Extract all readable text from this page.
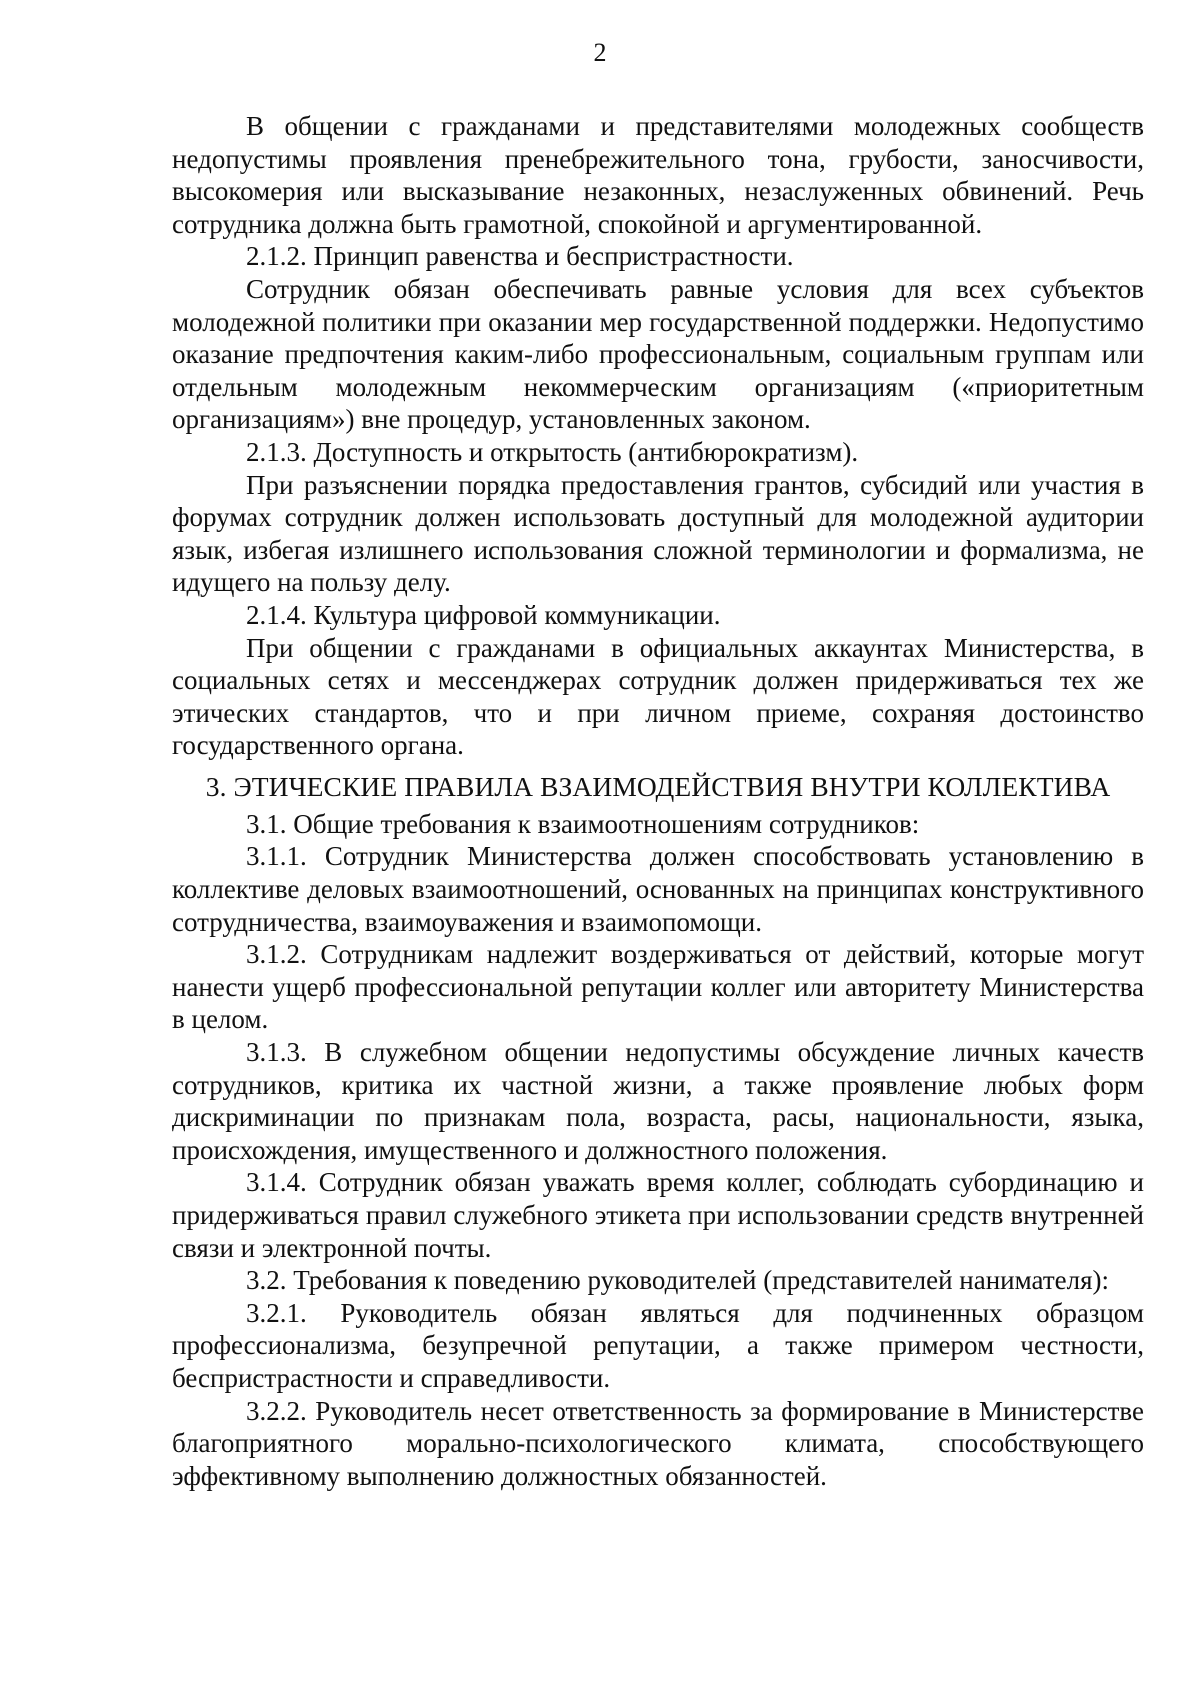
2

В общении с гражданами и представителями молодежных сообществ недопустимы проявления пренебрежительного тона, грубости, заносчивости, высокомерия или высказывание незаконных, незаслуженных обвинений. Речь сотрудника должна быть грамотной, спокойной и аргументированной.

2.1.2. Принцип равенства и беспристрастности.

Сотрудник обязан обеспечивать равные условия для всех субъектов молодежной политики при оказании мер государственной поддержки. Недопустимо оказание предпочтения каким-либо профессиональным, социальным группам или отдельным молодежным некоммерческим организациям («приоритетным организациям») вне процедур, установленных законом.

2.1.3. Доступность и открытость (антибюрократизм).

При разъяснении порядка предоставления грантов, субсидий или участия в форумах сотрудник должен использовать доступный для молодежной аудитории язык, избегая излишнего использования сложной терминологии и формализма, не идущего на пользу делу.

2.1.4. Культура цифровой коммуникации.

При общении с гражданами в официальных аккаунтах Министерства, в социальных сетях и мессенджерах сотрудник должен придерживаться тех же этических стандартов, что и при личном приеме, сохраняя достоинство государственного органа.

3. ЭТИЧЕСКИЕ ПРАВИЛА ВЗАИМОДЕЙСТВИЯ ВНУТРИ КОЛЛЕКТИВА

3.1. Общие требования к взаимоотношениям сотрудников:

3.1.1. Сотрудник Министерства должен способствовать установлению в коллективе деловых взаимоотношений, основанных на принципах конструктивного сотрудничества, взаимоуважения и взаимопомощи.

3.1.2. Сотрудникам надлежит воздерживаться от действий, которые могут нанести ущерб профессиональной репутации коллег или авторитету Министерства в целом.

3.1.3. В служебном общении недопустимы обсуждение личных качеств сотрудников, критика их частной жизни, а также проявление любых форм дискриминации по признакам пола, возраста, расы, национальности, языка, происхождения, имущественного и должностного положения.

3.1.4. Сотрудник обязан уважать время коллег, соблюдать субординацию и придерживаться правил служебного этикета при использовании средств внутренней связи и электронной почты.

3.2. Требования к поведению руководителей (представителей нанимателя):

3.2.1. Руководитель обязан являться для подчиненных образцом профессионализма, безупречной репутации, а также примером честности, беспристрастности и справедливости.

3.2.2. Руководитель несет ответственность за формирование в Министерстве благоприятного морально-психологического климата, способствующего эффективному выполнению должностных обязанностей.
